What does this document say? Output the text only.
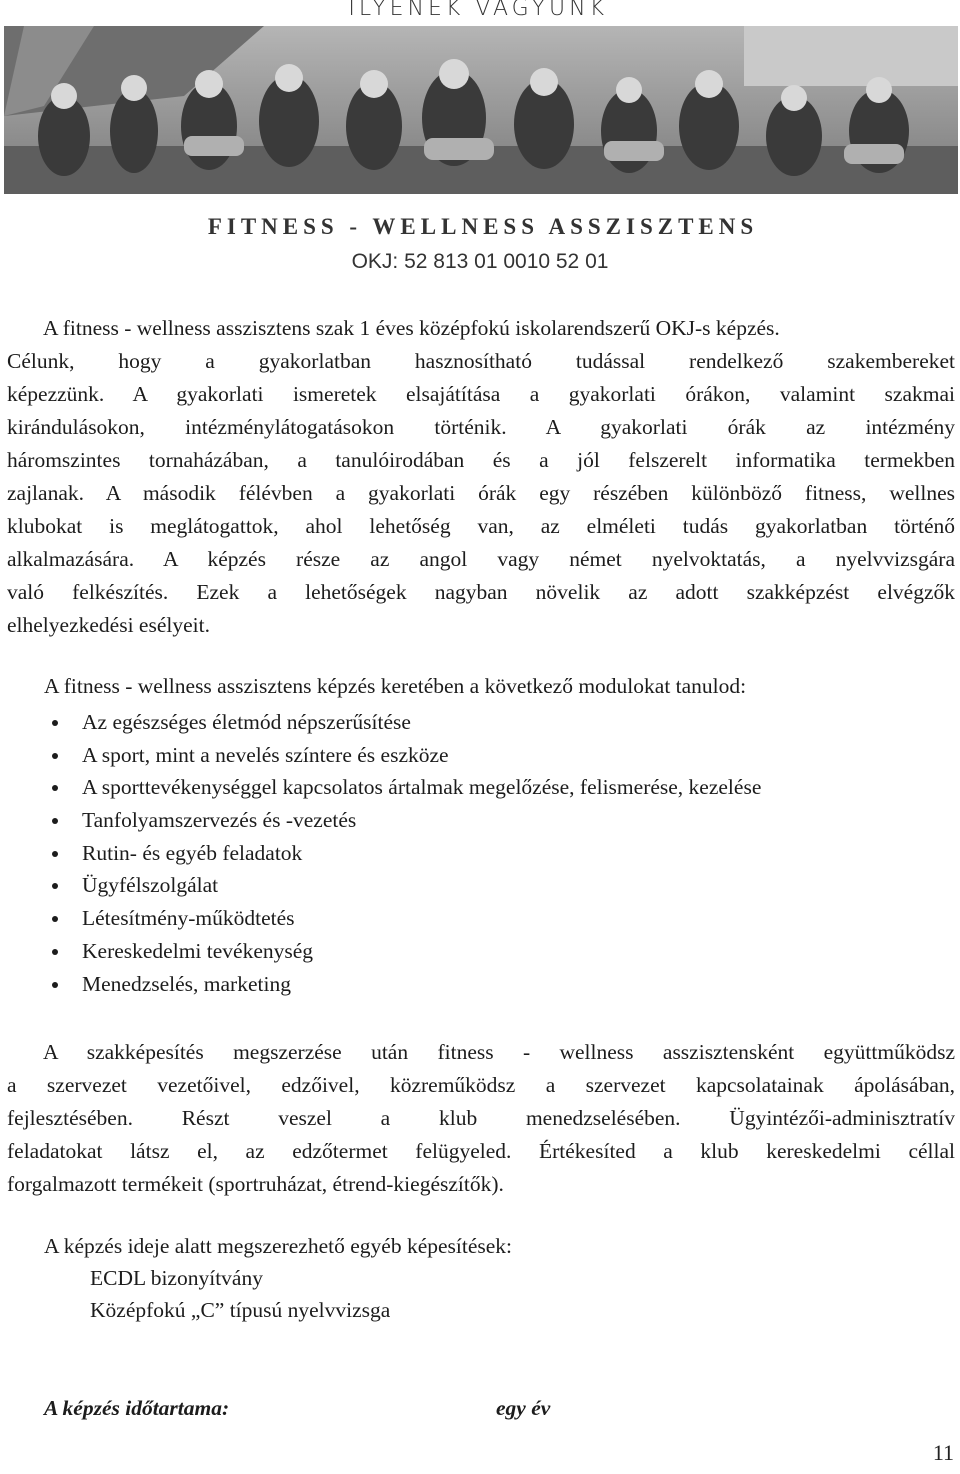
ILYENEK VAGYUNK
FITNESS - WELLNESS ASSZISZTENS
OKJ: 52 813 01 0010 52 01
A fitness - wellness asszisztens szak 1 éves középfokú iskolarendszerű OKJ-s képzés.
Célunk, hogy a gyakorlatban hasznosítható tudással rendelkező szakembereket
képezzünk. A gyakorlati ismeretek elsajátítása a gyakorlati órákon, valamint szakmai
kirándulásokon, intézménylátogatásokon történik. A gyakorlati órák az intézmény
háromszintes tornaházában, a tanulóirodában és a jól felszerelt informatika termekben
zajlanak. A második félévben a gyakorlati órák egy részében különböző fitness, wellnes
klubokat is meglátogattok, ahol lehetőség van, az elméleti tudás gyakorlatban történő
alkalmazására. A képzés része az angol vagy német nyelvoktatás, a nyelvvizsgára
való felkészítés. Ezek a lehetőségek nagyban növelik az adott szakképzést elvégzők
elhelyezkedési esélyeit.
A fitness - wellness asszisztens képzés keretében a következő modulokat tanulod:
Az egészséges életmód népszerűsítése
A sport, mint a nevelés színtere és eszköze
A sporttevékenységgel kapcsolatos ártalmak megelőzése, felismerése, kezelése
Tanfolyamszervezés és -vezetés
Rutin- és egyéb feladatok
Ügyfélszolgálat
Létesítmény-működtetés
Kereskedelmi tevékenység
Menedzselés, marketing
A szakképesítés megszerzése után fitness - wellness asszisztensként együttműködsz
a szervezet vezetőivel, edzőivel, közreműködsz a szervezet kapcsolatainak ápolásában,
fejlesztésében. Részt veszel a klub menedzselésében. Ügyintézői-adminisztratív
feladatokat látsz el, az edzőtermet felügyeled. Értékesíted a klub kereskedelmi céllal
forgalmazott termékeit (sportruházat, étrend-kiegészítők).
A képzés ideje alatt megszerezhető egyéb képesítések:
ECDL bizonyítvány
Középfokú „C” típusú nyelvvizsga
A képzés időtartama:	egy év
11
